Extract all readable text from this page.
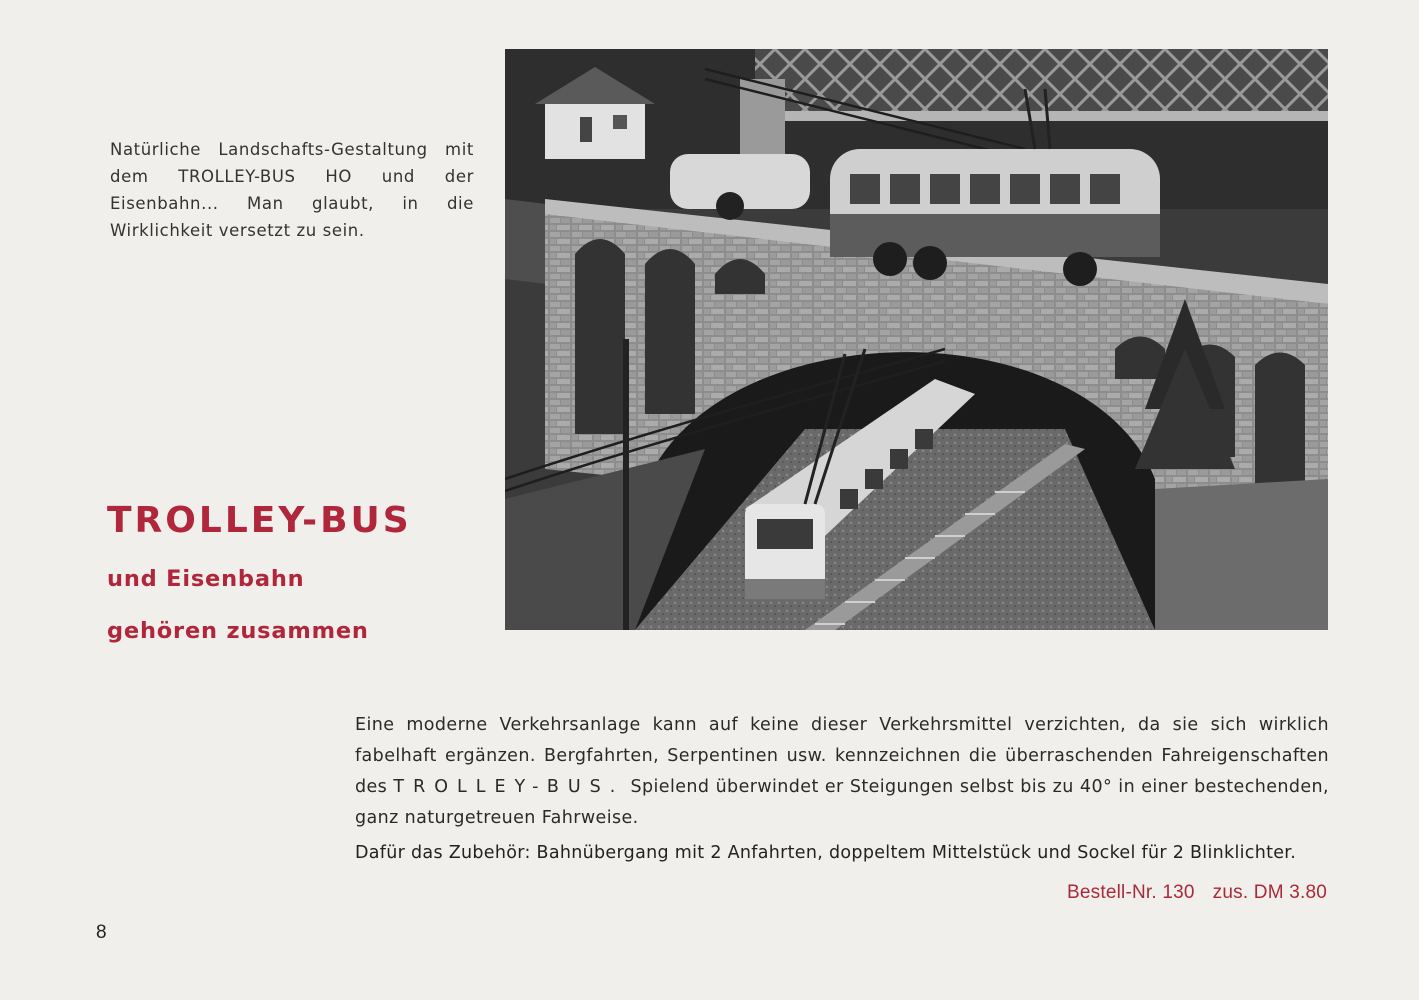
Natürliche Landschafts-Gestaltung mit dem TROLLEY-BUS HO und der Eisenbahn... Man glaubt, in die Wirklichkeit versetzt zu sein.
TROLLEY-BUS
und Eisenbahn
gehören zusammen

Eine moderne Verkehrsanlage kann auf keine dieser Verkehrsmittel verzichten, da sie sich wirklich fabelhaft ergänzen. Bergfahrten, Serpentinen usw. kennzeichnen die überraschenden Fahreigenschaften des TROLLEY-BUS. Spielend überwindet er Steigungen selbst bis zu 40° in einer bestechenden, ganz naturgetreuen Fahrweise.

Dafür das Zubehör: Bahnübergang mit 2 Anfahrten, doppeltem Mittelstück und Sockel für 2 Blinklichter.

Bestell-Nr. 130 zus. DM 3.80
8
